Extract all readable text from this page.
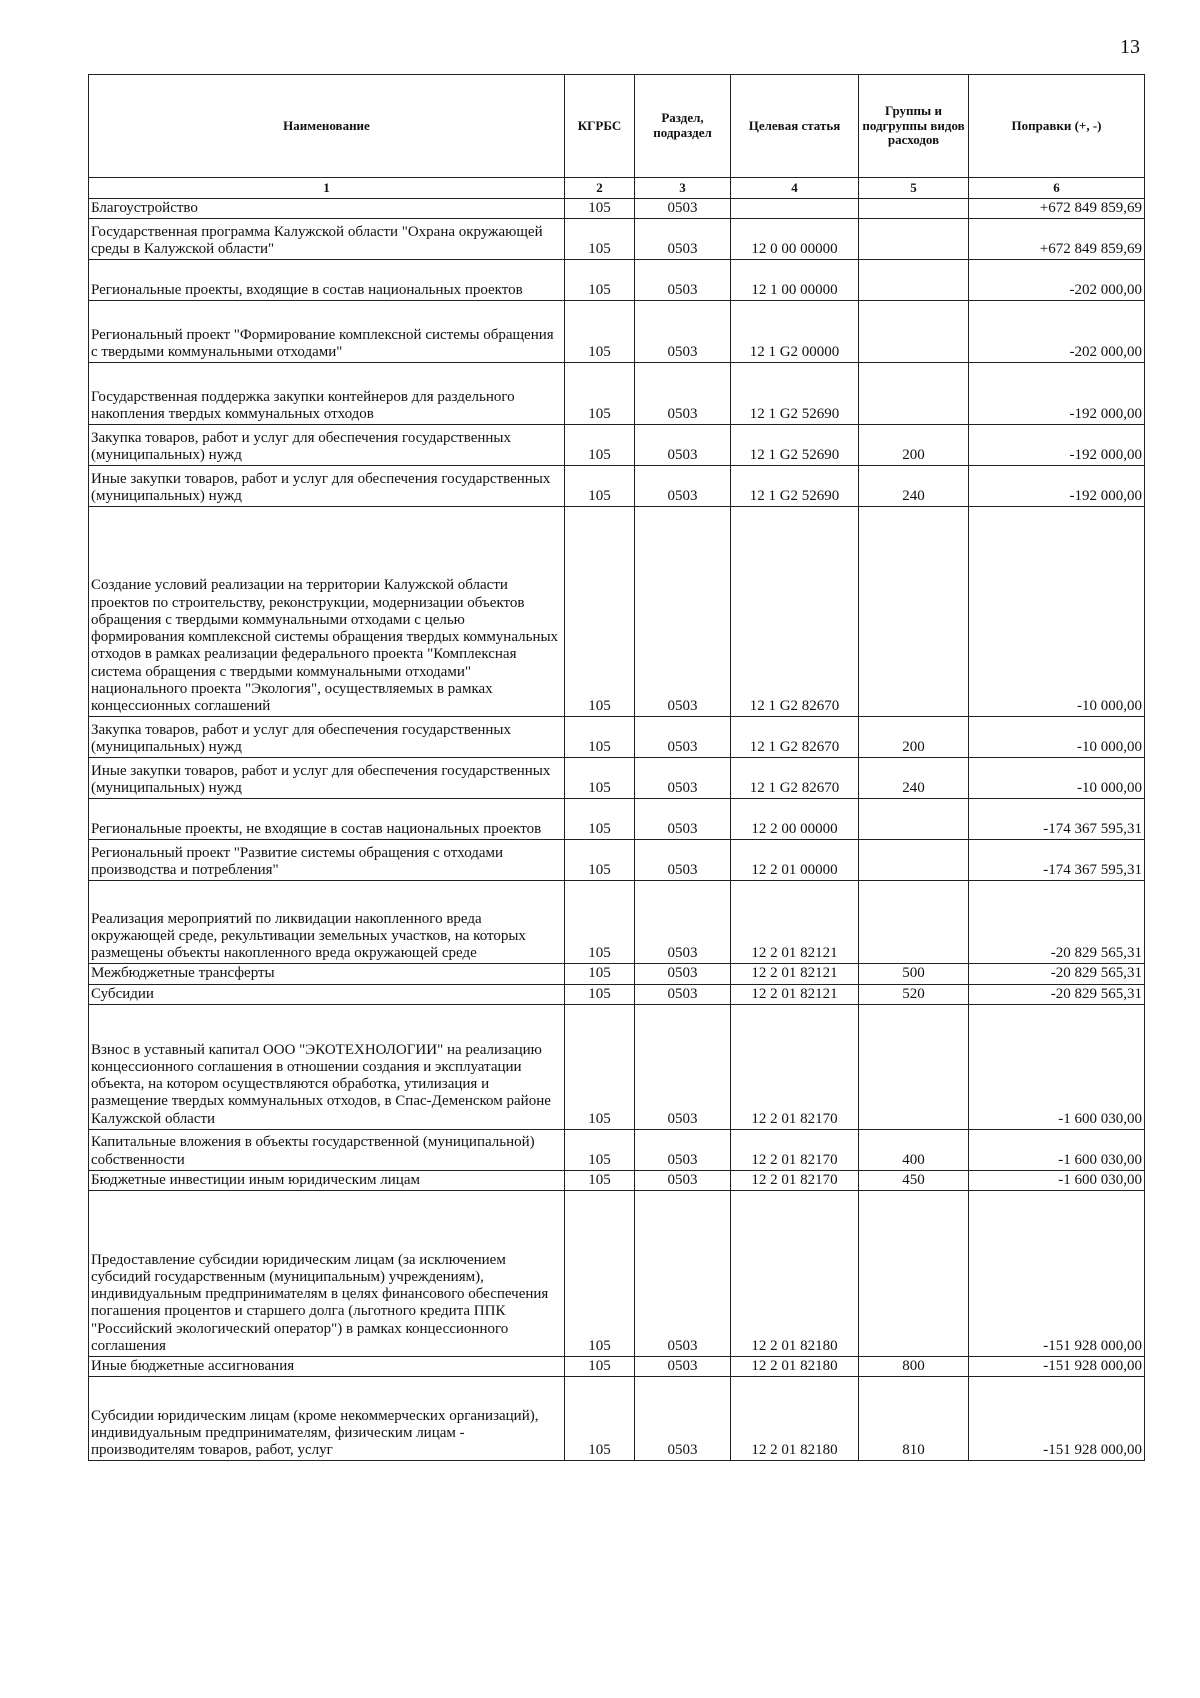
13
Наименование	КГРБС	Раздел, подраздел	Целевая статья	Группы и подгруппы видов расходов	Поправки (+, -)
1	2	3	4	5	6
Благоустройство	105	0503			+672 849 859,69
Государственная программа Калужской области "Охрана окружающей среды в Калужской области"	105	0503	12 0 00 00000		+672 849 859,69
Региональные проекты, входящие в состав национальных проектов	105	0503	12 1 00 00000		-202 000,00
Региональный проект "Формирование комплексной системы обращения с твердыми коммунальными отходами"	105	0503	12 1 G2 00000		-202 000,00
Государственная поддержка закупки контейнеров для раздельного накопления твердых коммунальных отходов	105	0503	12 1 G2 52690		-192 000,00
Закупка товаров, работ и услуг для обеспечения государственных (муниципальных) нужд	105	0503	12 1 G2 52690	200	-192 000,00
Иные закупки товаров, работ и услуг для обеспечения государственных (муниципальных) нужд	105	0503	12 1 G2 52690	240	-192 000,00
Создание условий реализации на территории Калужской области проектов по строительству, реконструкции, модернизации объектов обращения с твердыми коммунальными отходами с целью формирования комплексной системы обращения твердых коммунальных отходов в рамках реализации федерального проекта "Комплексная система обращения с твердыми коммунальными отходами" национального проекта "Экология", осуществляемых в рамках концессионных соглашений	105	0503	12 1 G2 82670		-10 000,00
Закупка товаров, работ и услуг для обеспечения государственных (муниципальных) нужд	105	0503	12 1 G2 82670	200	-10 000,00
Иные закупки товаров, работ и услуг для обеспечения государственных (муниципальных) нужд	105	0503	12 1 G2 82670	240	-10 000,00
Региональные проекты, не входящие в состав национальных проектов	105	0503	12 2 00 00000		-174 367 595,31
Региональный проект "Развитие системы обращения с отходами производства и потребления"	105	0503	12 2 01 00000		-174 367 595,31
Реализация мероприятий по ликвидации накопленного вреда окружающей среде, рекультивации земельных участков, на которых размещены объекты накопленного вреда окружающей среде	105	0503	12 2 01 82121		-20 829 565,31
Межбюджетные трансферты	105	0503	12 2 01 82121	500	-20 829 565,31
Субсидии	105	0503	12 2 01 82121	520	-20 829 565,31
Взнос в уставный капитал ООО "ЭКОТЕХНОЛОГИИ" на реализацию концессионного соглашения в отношении создания и эксплуатации объекта, на котором осуществляются обработка, утилизация и размещение твердых коммунальных отходов, в Спас-Деменском районе Калужской области	105	0503	12 2 01 82170		-1 600 030,00
Капитальные вложения в объекты государственной (муниципальной) собственности	105	0503	12 2 01 82170	400	-1 600 030,00
Бюджетные инвестиции иным юридическим лицам	105	0503	12 2 01 82170	450	-1 600 030,00
Предоставление субсидии юридическим лицам (за исключением субсидий государственным (муниципальным) учреждениям), индивидуальным предпринимателям в целях финансового обеспечения погашения процентов и старшего долга (льготного кредита ППК "Российский экологический оператор") в рамках концессионного соглашения	105	0503	12 2 01 82180		-151 928 000,00
Иные бюджетные ассигнования	105	0503	12 2 01 82180	800	-151 928 000,00
Субсидии юридическим лицам (кроме некоммерческих организаций), индивидуальным предпринимателям, физическим лицам - производителям товаров, работ, услуг	105	0503	12 2 01 82180	810	-151 928 000,00
